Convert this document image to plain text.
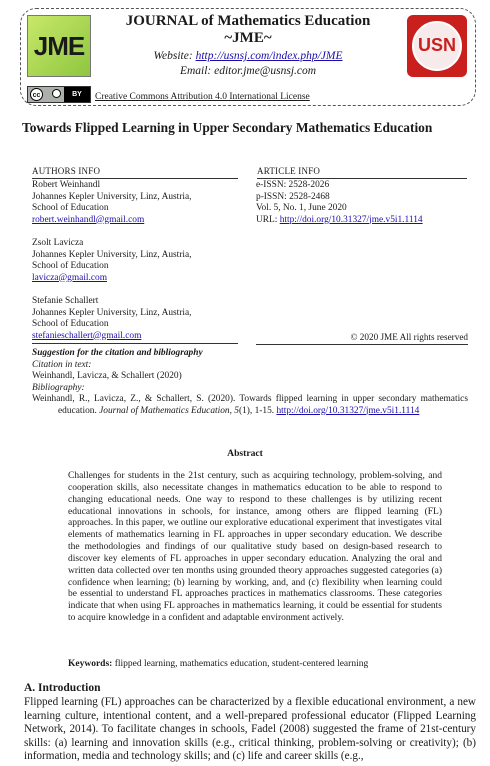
JME	USN
JOURNAL of Mathematics Education
~JME~
Website: http://usnsj.com/index.php/JME
Email: editor.jme@usnsj.com
cc	BY	Creative Commons Attribution 4.0 International License
Towards Flipped Learning in Upper Secondary Mathematics Education
AUTHORS INFO
Robert Weinhandl
Johannes Kepler University, Linz, Austria,
School of Education
robert.weinhandl@gmail.com
Zsolt Lavicza
Johannes Kepler University, Linz, Austria,
School of Education
lavicza@gmail.com
Stefanie Schallert
Johannes Kepler University, Linz, Austria,
School of Education
stefanieschallert@gmail.com
ARTICLE INFO
e-ISSN: 2528-2026
p-ISSN: 2528-2468
Vol. 5, No. 1, June 2020
URL: http://doi.org/10.31327/jme.v5i1.1114
© 2020 JME All rights reserved
Suggestion for the citation and bibliography
Citation in text:
Weinhandl, Lavicza, & Schallert (2020)
Bibliography:
Weinhandl, R., Lavicza, Z., & Schallert, S. (2020). Towards flipped learning in upper secondary mathematics education. Journal of Mathematics Education, 5(1), 1-15. http://doi.org/10.31327/jme.v5i1.1114
Abstract
Challenges for students in the 21st century, such as acquiring technology, problem-solving, and cooperation skills, also necessitate changes in mathematics education to be able to respond to changing educational needs. One way to respond to these challenges is by utilizing recent educational innovations in schools, for instance, among others are flipped learning (FL) approaches. In this paper, we outline our explorative educational experiment that investigates vital elements of mathematics learning in FL approaches in upper secondary education. We describe the methodologies and findings of our qualitative study based on design-based research to discover key elements of FL approaches in upper secondary education. Analyzing the oral and written data collected over ten months using grounded theory approaches suggested categories (a) confidence when learning; (b) learning by working, and, and (c) flexibility when learning could be essential to understand FL approaches practices in mathematics classrooms. These categories indicate that when using FL approaches in mathematics learning, it could be essential for students to acquire knowledge in a confident and adaptable environment actively.
Keywords: flipped learning, mathematics education, student-centered learning
A. Introduction
Flipped learning (FL) approaches can be characterized by a flexible educational environment, a new learning culture, intentional content, and a well-prepared professional educator (Flipped Learning Network, 2014). To facilitate changes in schools, Fadel (2008) suggested the frame of 21st-century skills: (a) learning and innovation skills (e.g., critical thinking, problem-solving or creativity); (b) information, media and technology skills; and (c) life and career skills (e.g.,
